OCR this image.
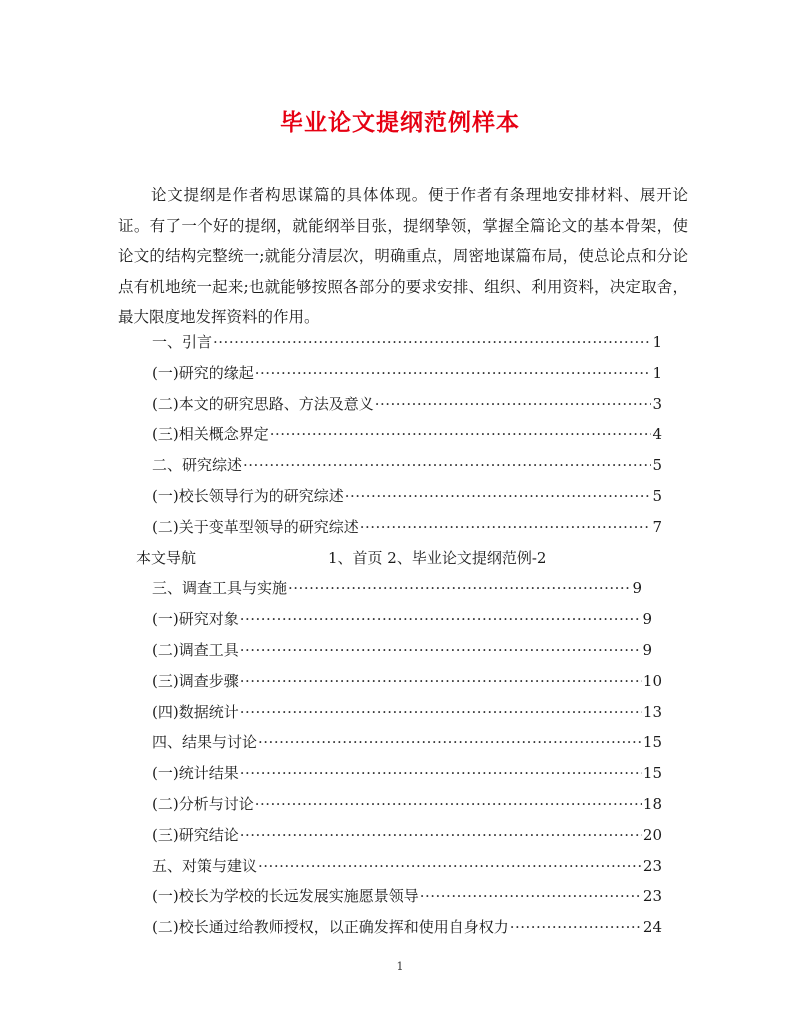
毕业论文提纲范例样本

论文提纲是作者构思谋篇的具体体现。便于作者有条理地安排材料、展开论证。有了一个好的提纲，就能纲举目张，提纲挚领，掌握全篇论文的基本骨架，使论文的结构完整统一;就能分清层次，明确重点，周密地谋篇布局，使总论点和分论点有机地统一起来;也就能够按照各部分的要求安排、组织、利用资料，决定取舍，最大限度地发挥资料的作用。

一、引言 ·····	1
(一)研究的缘起 ·····	1
(二)本文的研究思路、方法及意义 ·····	3
(三)相关概念界定 ·····	4
二、研究综述 ·····	5
(一)校长领导行为的研究综述 ·····	5
(二)关于变革型领导的研究综述 ·····	7
本文导航	1、首页 2、毕业论文提纲范例-2
三、调查工具与实施 ·····	9
(一)研究对象 ·····	9
(二)调查工具 ·····	9
(三)调查步骤 ·····	10
(四)数据统计 ·····	13
四、结果与讨论 ·····	15
(一)统计结果 ·····	15
(二)分析与讨论 ·····	18
(三)研究结论 ·····	20
五、对策与建议 ·····	23
(一)校长为学校的长远发展实施愿景领导 ·····	23
(二)校长通过给教师授权，以正确发挥和使用自身权力 ·····	24
1
